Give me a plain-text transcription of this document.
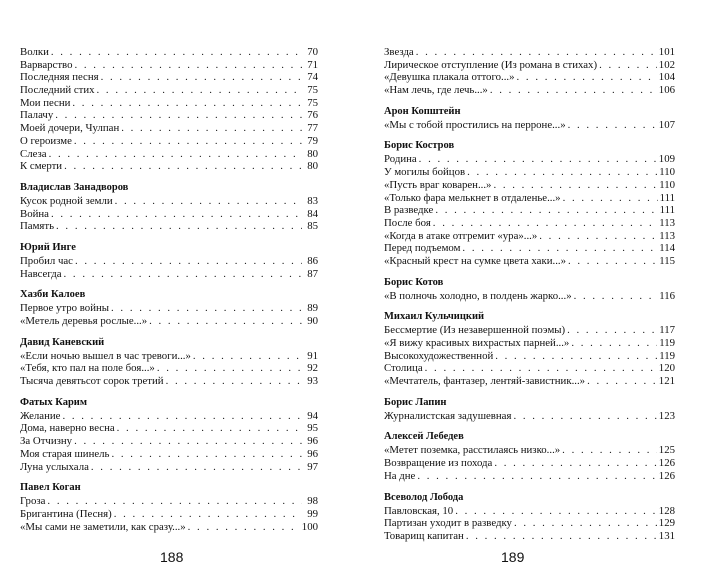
Волки . . .	70
Варварство . . .	71
Последняя песня . . .	74
Последний стих . . .	75
Мои песни . . .	75
Палачу . . .	76
Моей дочери, Чулпан . . .	77
О героизме . . .	79
Слеза . . .	80
К смерти . . .	80
Владислав Занадворов
Кусок родной земли . . .	83
Война . . .	84
Память . . .	85
Юрий Инге
Пробил час . . .	86
Навсегда . . .	87
Хазби Калоев
Первое утро войны . . .	89
«Метель деревья рослые...» . . .	90
Давид Каневский
«Если ночью вышел в час тревоги...» . . .	91
«Тебя, кто пал на поле боя...» . . .	92
Тысяча девятьсот сорок третий . . .	93
Фатых Карим
Желание . . .	94
Дома, наверно весна . . .	95
За Отчизну . . .	96
Моя старая шинель . . .	96
Луна услыхала . . .	97
Павел Коган
Гроза . . .	98
Бригантина (Песня) . . .	99
«Мы сами не заметили, как сразу...» . . .	100
Звезда . . .	101
Лирическое отступление (Из романа в стихах) . . .	102
«Девушка плакала оттого...» . . .	104
«Нам лечь, где лечь...» . . .	106
Арон Копштейн
«Мы с тобой простились на перроне...» . . .	107
Борис Костров
Родина . . .	109
У могилы бойцов . . .	110
«Пусть враг коварен...» . . .	110
«Только фара мелькнет в отдаленье...» . . .	111
В разведке . . .	111
После боя . . .	113
«Когда в атаке отгремит «ура»...» . . .	113
Перед подъемом . . .	114
«Красный крест на сумке цвета хаки...» . . .	115
Борис Котов
«В полночь холодно, в полдень жарко...» . . .	116
Михаил Кульчицкий
Бессмертие (Из незавершенной поэмы) . . .	117
«Я вижу красивых вихрастых парней...» . . .	119
Высокохудожественной . . .	119
Столица . . .	120
«Мечтатель, фантазер, лентяй-завистник...» . . .	121
Борис Лапин
Журналистская задушевная . . .	123
Алексей Лебедев
«Метет поземка, расстилаясь низко...» . . .	125
Возвращение из похода . . .	126
На дне . . .	126
Всеволод Лобода
Павловская, 10 . . .	128
Партизан уходит в разведку . . .	129
Товарищ капитан . . .	131
188	189
